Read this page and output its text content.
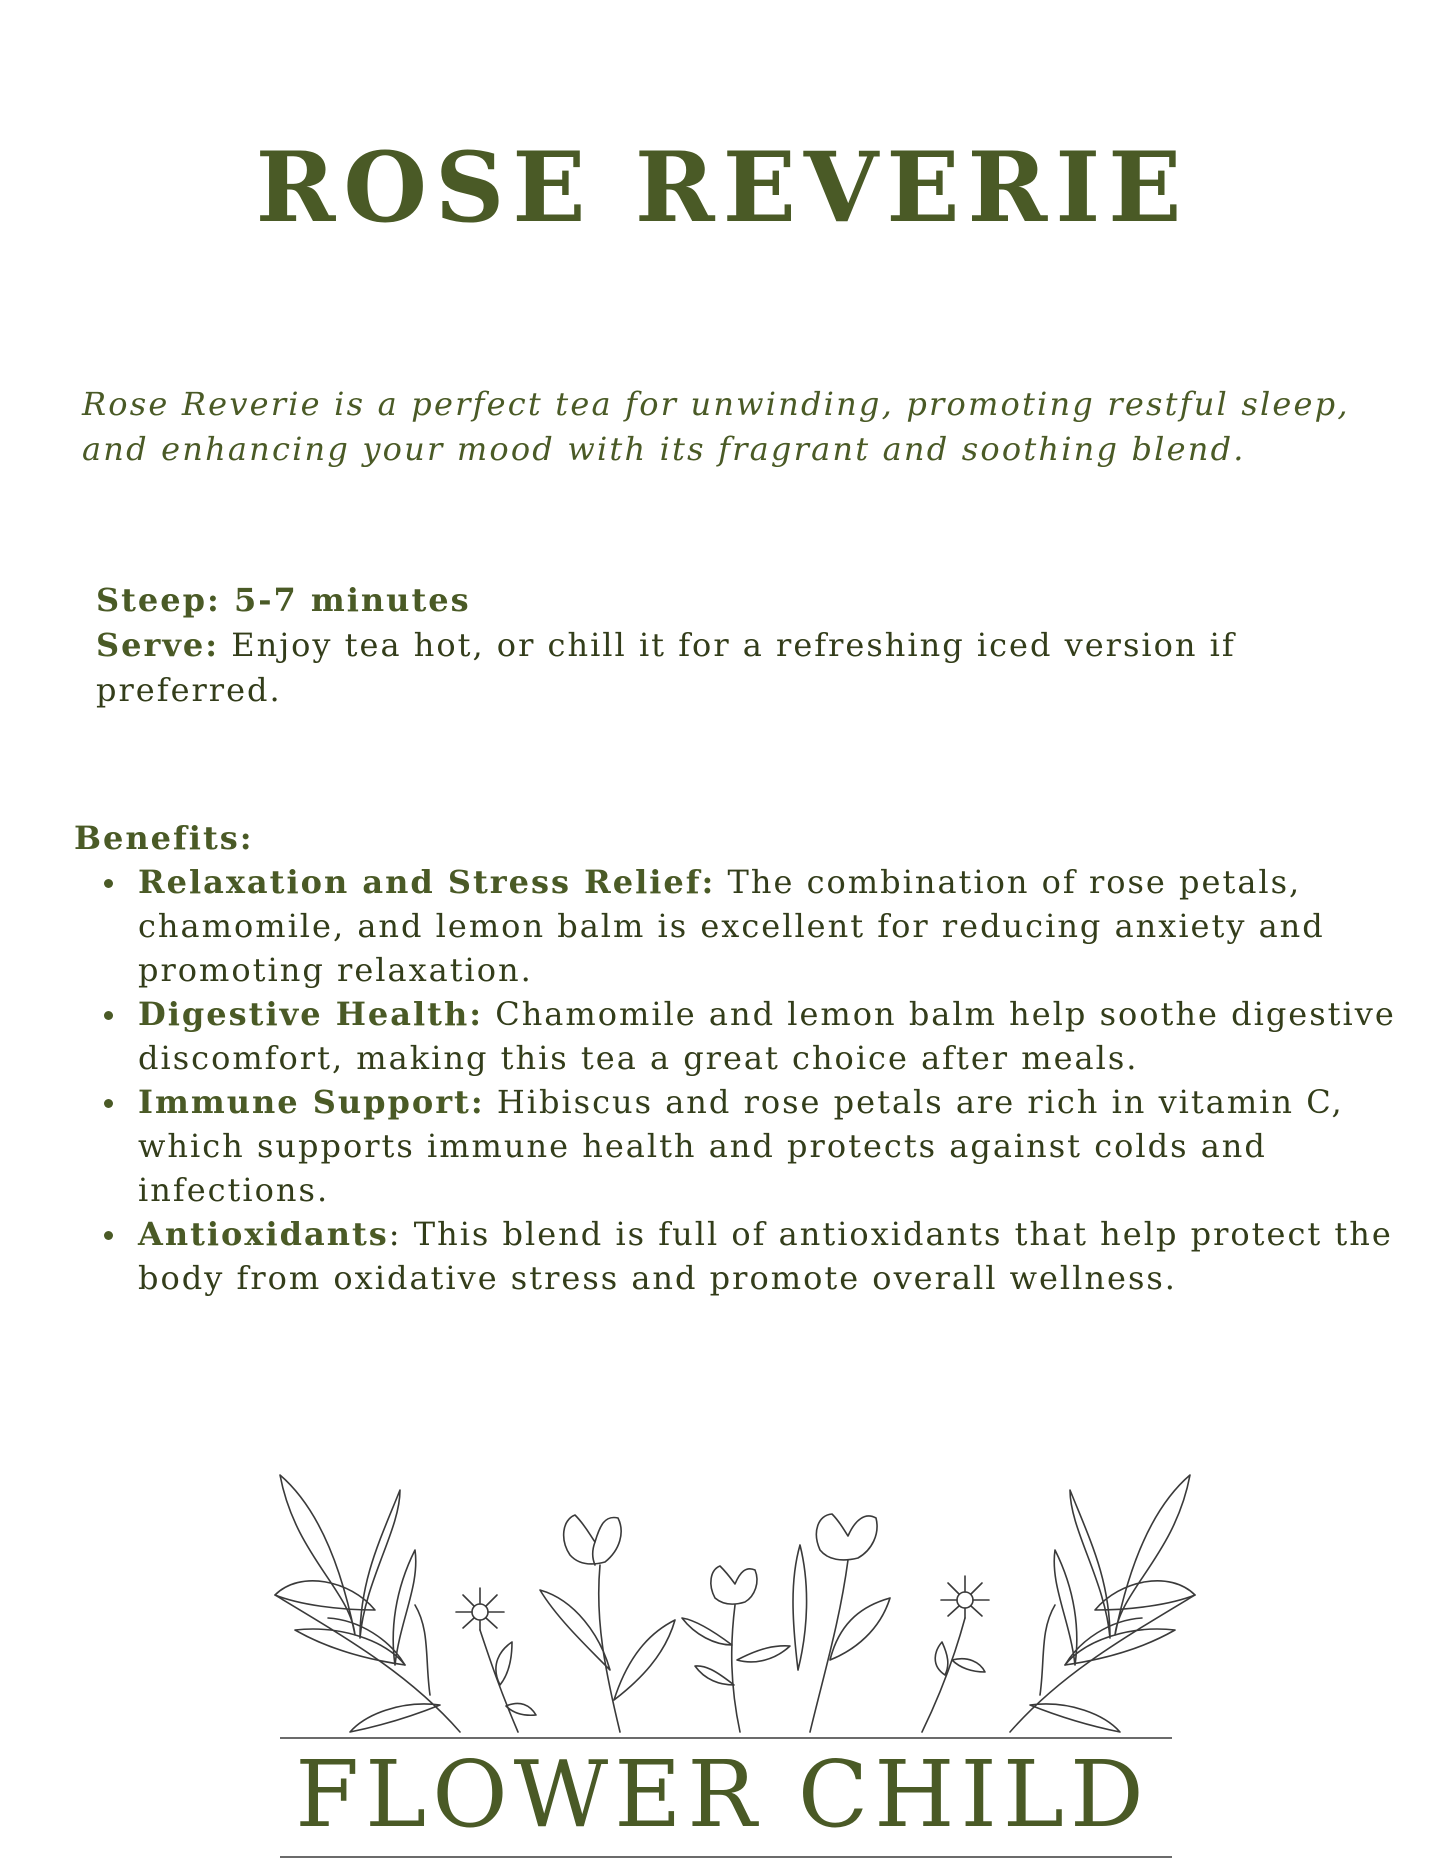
ROSE REVERIE

Rose Reverie is a perfect tea for unwinding, promoting restful sleep,
and enhancing your mood with its fragrant and soothing blend.

Steep: 5-7 minutes
Serve: Enjoy tea hot, or chill it for a refreshing iced version if preferred.

Benefits:

Relaxation and Stress Relief: The combination of rose petals, chamomile, and lemon balm is excellent for reducing anxiety and promoting relaxation.
Digestive Health: Chamomile and lemon balm help soothe digestive discomfort, making this tea a great choice after meals.
Immune Support: Hibiscus and rose petals are rich in vitamin C, which supports immune health and protects against colds and infections.
Antioxidants: This blend is full of antioxidants that help protect the body from oxidative stress and promote overall wellness.

FLOWER CHILD
